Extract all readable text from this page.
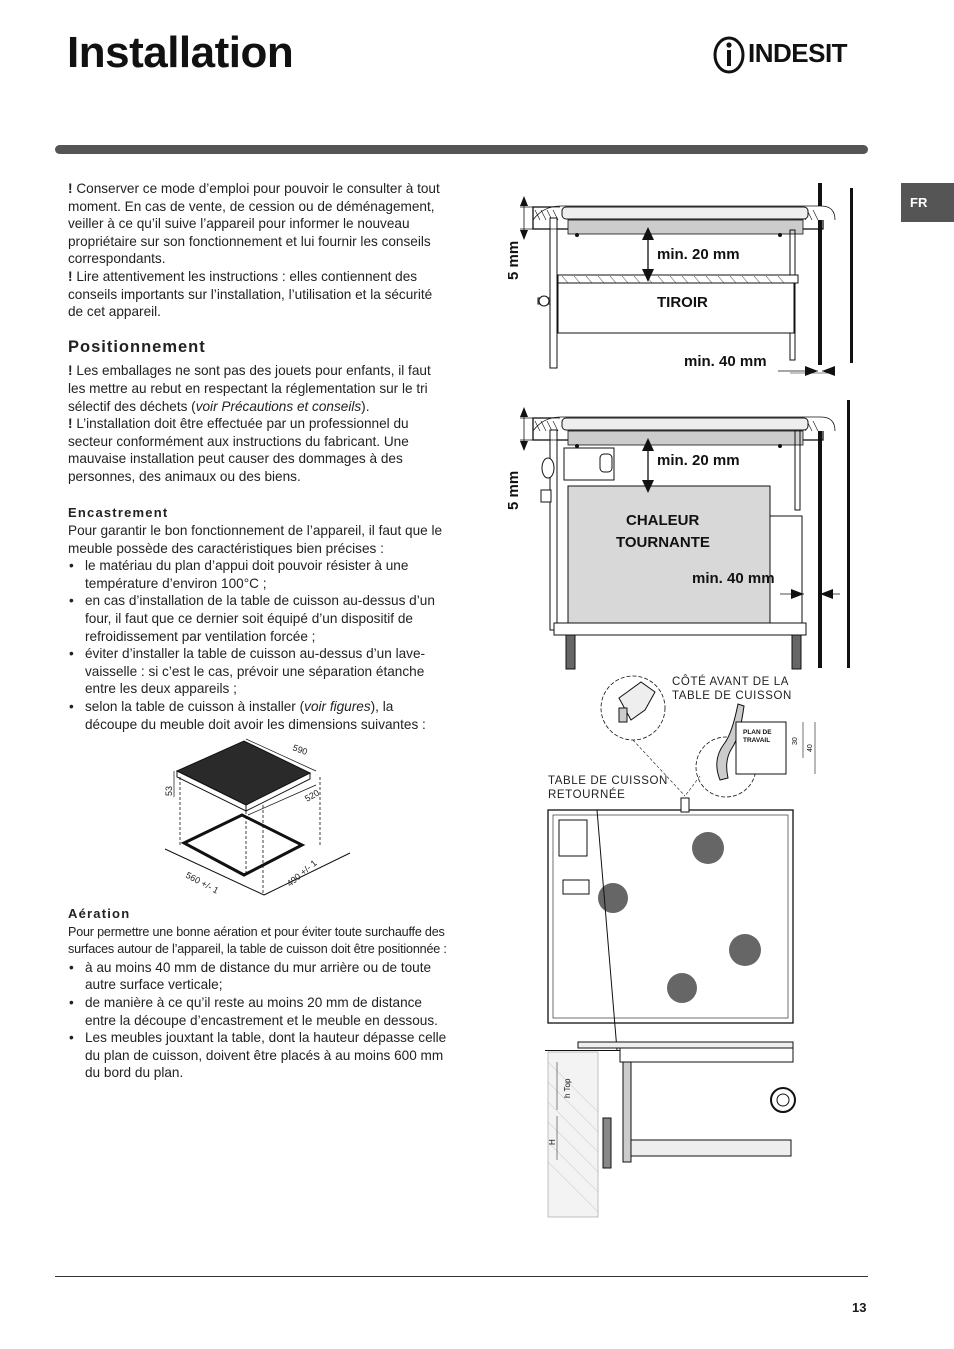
Installation	INDESIT
FR

! Conserver ce mode d’emploi pour pouvoir le consulter à tout moment. En cas de vente, de cession ou de déménagement, veiller à ce qu’il suive l’appareil pour informer le nouveau propriétaire sur son fonctionnement et lui fournir les conseils correspondants.

! Lire attentivement les instructions : elles contiennent des conseils importants sur l’installation, l’utilisation et la sécurité de cet appareil.

Positionnement

! Les emballages ne sont pas des jouets pour enfants, il faut les mettre au rebut en respectant la réglementation sur le tri sélectif des déchets (voir Précautions et conseils).

! L’installation doit être effectuée par un professionnel du secteur conformément aux instructions du fabricant. Une mauvaise installation peut causer des dommages à des personnes, des animaux ou des biens.

Encastrement

Pour garantir le bon fonctionnement de l’appareil, il faut que le meuble possède des caractéristiques bien précises :

• le matériau du plan d’appui doit pouvoir résister à une température d’environ 100°C ;
• en cas d’installation de la table de cuisson au-dessus d’un four, il faut que ce dernier soit équipé d’un dispositif de refroidissement par ventilation forcée ;
• éviter d’installer la table de cuisson au-dessus d’un lave-vaisselle : si c’est le cas, prévoir une séparation étanche entre les deux appareils ;
• selon la table de cuisson à installer (voir figures), la découpe du meuble doit avoir les dimensions suivantes :
590
520
53
560 +/- 1	490 +/- 1
Aération

Pour permettre une bonne aération et pour éviter toute surchauffe des surfaces autour de l’appareil, la table de cuisson doit être positionnée :

• à au moins 40 mm de distance du mur arrière ou de toute autre surface verticale;
• de manière à ce qu’il reste au moins 20 mm de distance entre la découpe d’encastrement et le meuble en dessous.
• Les meubles jouxtant la table, dont la hauteur dépasse celle du plan de cuisson, doivent être placés à au moins 600 mm du bord du plan.
min. 20 mm
TIROIR
min. 40 mm
5 mm
min. 20 mm
CHALEUR
TOURNANTE
min. 40 mm
5 mm
CÔTÉ AVANT DE LA
TABLE DE CUISSON
TABLE DE CUISSON
RETOURNÉE
PLAN DE
TRAVAIL	30
40
h Top
H
13
